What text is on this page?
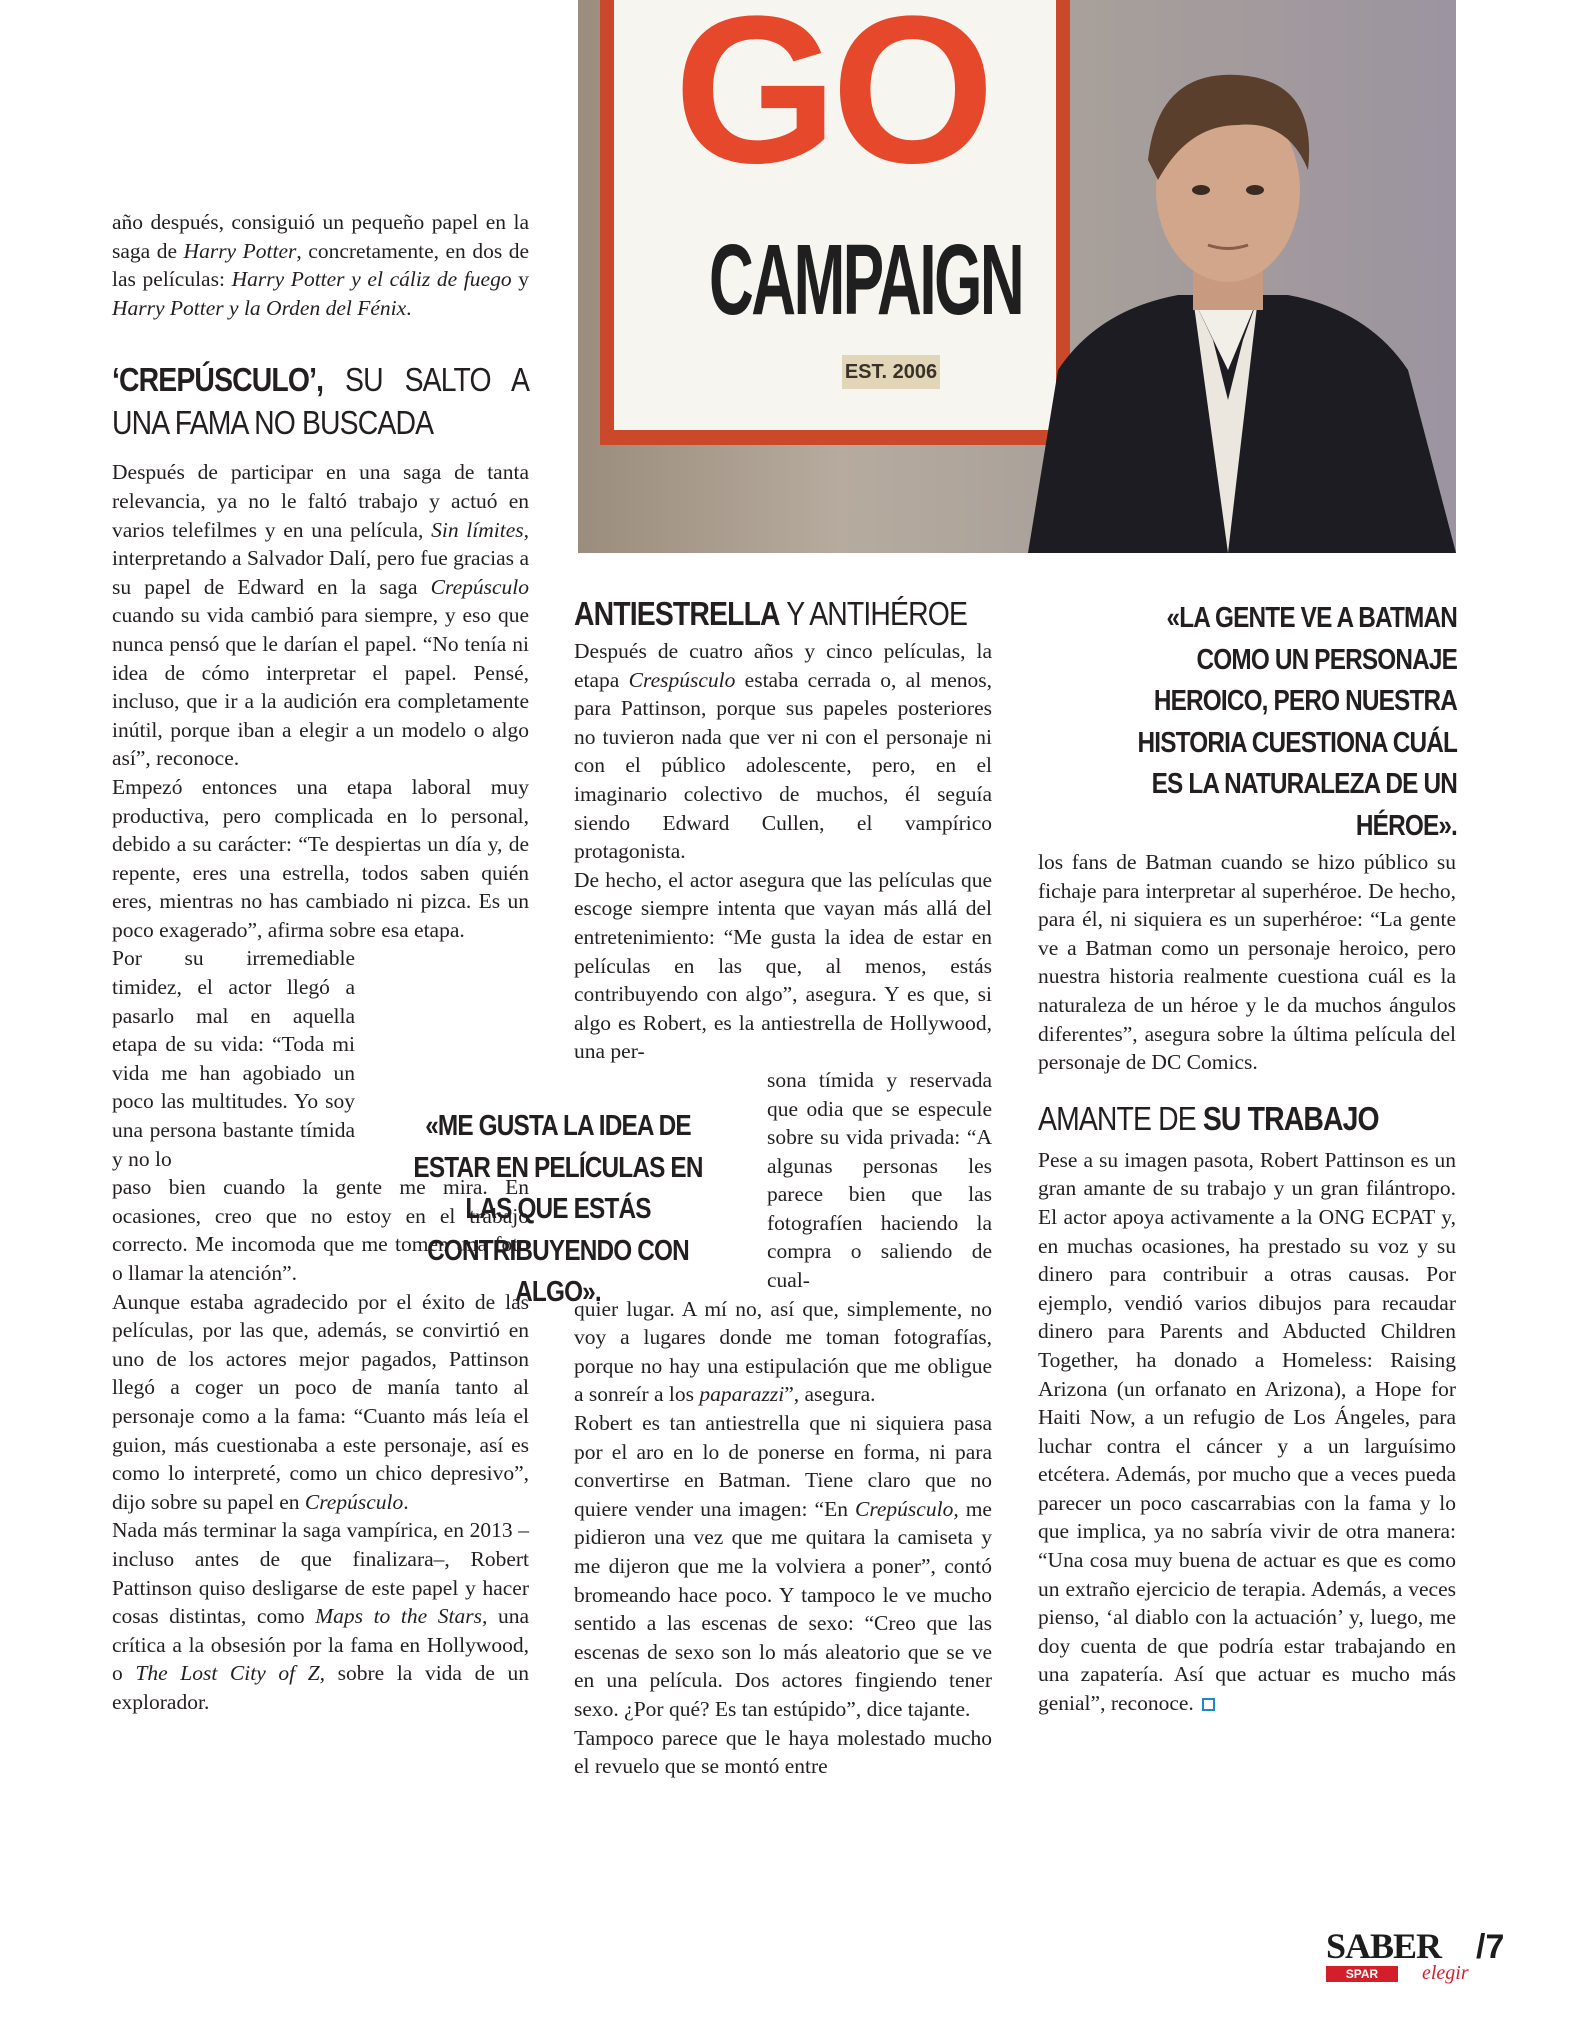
GO
CAMPAIGN
EST. 2006

año después, consiguió un pequeño papel en la saga de Harry Potter, concretamente, en dos de las películas: Harry Potter y el cáliz de fuego y Harry Potter y la Orden del Fénix.

‘CREPÚSCULO’, SU SALTO A UNA FAMA NO BUSCADA

Después de participar en una saga de tanta relevancia, ya no le faltó trabajo y actuó en varios telefilmes y en una película, Sin límites, interpretando a Salvador Dalí, pero fue gracias a su papel de Edward en la saga Crepúsculo cuando su vida cambió para siempre, y eso que nunca pensó que le darían el papel. “No tenía ni idea de cómo interpretar el papel. Pensé, incluso, que ir a la audición era completamente inútil, porque iban a elegir a un modelo o algo así”, reconoce.

Empezó entonces una etapa laboral muy productiva, pero complicada en lo personal, debido a su carácter: “Te despiertas un día y, de repente, eres una estrella, todos saben quién eres, mientras no has cambiado ni pizca. Es un poco exagerado”, afirma sobre esa etapa.

Por su irremediable timidez, el actor llegó a pasarlo mal en aquella etapa de su vida: “Toda mi vida me han agobiado un poco las multitudes. Yo soy una persona bastante tímida y no lo

paso bien cuando la gente me mira. En ocasiones, creo que no estoy en el trabajo correcto. Me incomoda que me tomen una foto o llamar la atención”.

Aunque estaba agradecido por el éxito de las películas, por las que, además, se convirtió en uno de los actores mejor pagados, Pattinson llegó a coger un poco de manía tanto al personaje como a la fama: “Cuanto más leía el guion, más cuestionaba a este personaje, así es como lo interpreté, como un chico depresivo”, dijo sobre su papel en Crepúsculo.

Nada más terminar la saga vampírica, en 2013 –incluso antes de que finalizara–, Robert Pattinson quiso desligarse de este papel y hacer cosas distintas, como Maps to the Stars, una crítica a la obsesión por la fama en Hollywood, o The Lost City of Z, sobre la vida de un explorador.

«ME GUSTA LA IDEA DE ESTAR EN PELÍCULAS EN LAS QUE ESTÁS CONTRIBUYENDO CON ALGO».
ANTIESTRELLA Y ANTIHÉROE

Después de cuatro años y cinco películas, la etapa Crespúsculo estaba cerrada o, al menos, para Pattinson, porque sus papeles posteriores no tuvieron nada que ver ni con el personaje ni con el público adolescente, pero, en el imaginario colectivo de muchos, él seguía siendo Edward Cullen, el vampírico protagonista.

De hecho, el actor asegura que las películas que escoge siempre intenta que vayan más allá del entretenimiento: “Me gusta la idea de estar en películas en las que, al menos, estás contribuyendo con algo”, asegura. Y es que, si algo es Robert, es la antiestrella de Hollywood, una per-

sona tímida y reservada que odia que se especule sobre su vida privada: “A algunas personas les parece bien que las fotografíen haciendo la compra o saliendo de cual-

quier lugar. A mí no, así que, simplemente, no voy a lugares donde me toman fotografías, porque no hay una estipulación que me obligue a sonreír a los paparazzi”, asegura.

Robert es tan antiestrella que ni siquiera pasa por el aro en lo de ponerse en forma, ni para convertirse en Batman. Tiene claro que no quiere vender una imagen: “En Crepúsculo, me pidieron una vez que me quitara la camiseta y me dijeron que me la volviera a poner”, contó bromeando hace poco. Y tampoco le ve mucho sentido a las escenas de sexo: “Creo que las escenas de sexo son lo más aleatorio que se ve en una película. Dos actores fingiendo tener sexo. ¿Por qué? Es tan estúpido”, dice tajante.

Tampoco parece que le haya molestado mucho el revuelo que se montó entre

«LA GENTE VE A BATMAN COMO UN PERSONAJE HEROICO, PERO NUESTRA HISTORIA CUESTIONA CUÁL ES LA NATURALEZA DE UN HÉROE».

los fans de Batman cuando se hizo público su fichaje para interpretar al superhéroe. De hecho, para él, ni siquiera es un superhéroe: “La gente ve a Batman como un personaje heroico, pero nuestra historia realmente cuestiona cuál es la naturaleza de un héroe y le da muchos ángulos diferentes”, asegura sobre la última película del personaje de DC Comics.

AMANTE DE SU TRABAJO

Pese a su imagen pasota, Robert Pattinson es un gran amante de su trabajo y un gran filántropo. El actor apoya activamente a la ONG ECPAT y, en muchas ocasiones, ha prestado su voz y su dinero para contribuir a otras causas. Por ejemplo, vendió varios dibujos para recaudar dinero para Parents and Abducted Children Together, ha donado a Homeless: Raising Arizona (un orfanato en Arizona), a Hope for Haiti Now, a un refugio de Los Ángeles, para luchar contra el cáncer y a un larguísimo etcétera. Además, por mucho que a veces pueda parecer un poco cascarrabias con la fama y lo que implica, ya no sabría vivir de otra manera: “Una cosa muy buena de actuar es que es como un extraño ejercicio de terapia. Además, a veces pienso, ‘al diablo con la actuación’ y, luego, me doy cuenta de que podría estar trabajando en una zapatería. Así que actuar es mucho más genial”, reconoce.

SABER
SPAR	elegir
/7
